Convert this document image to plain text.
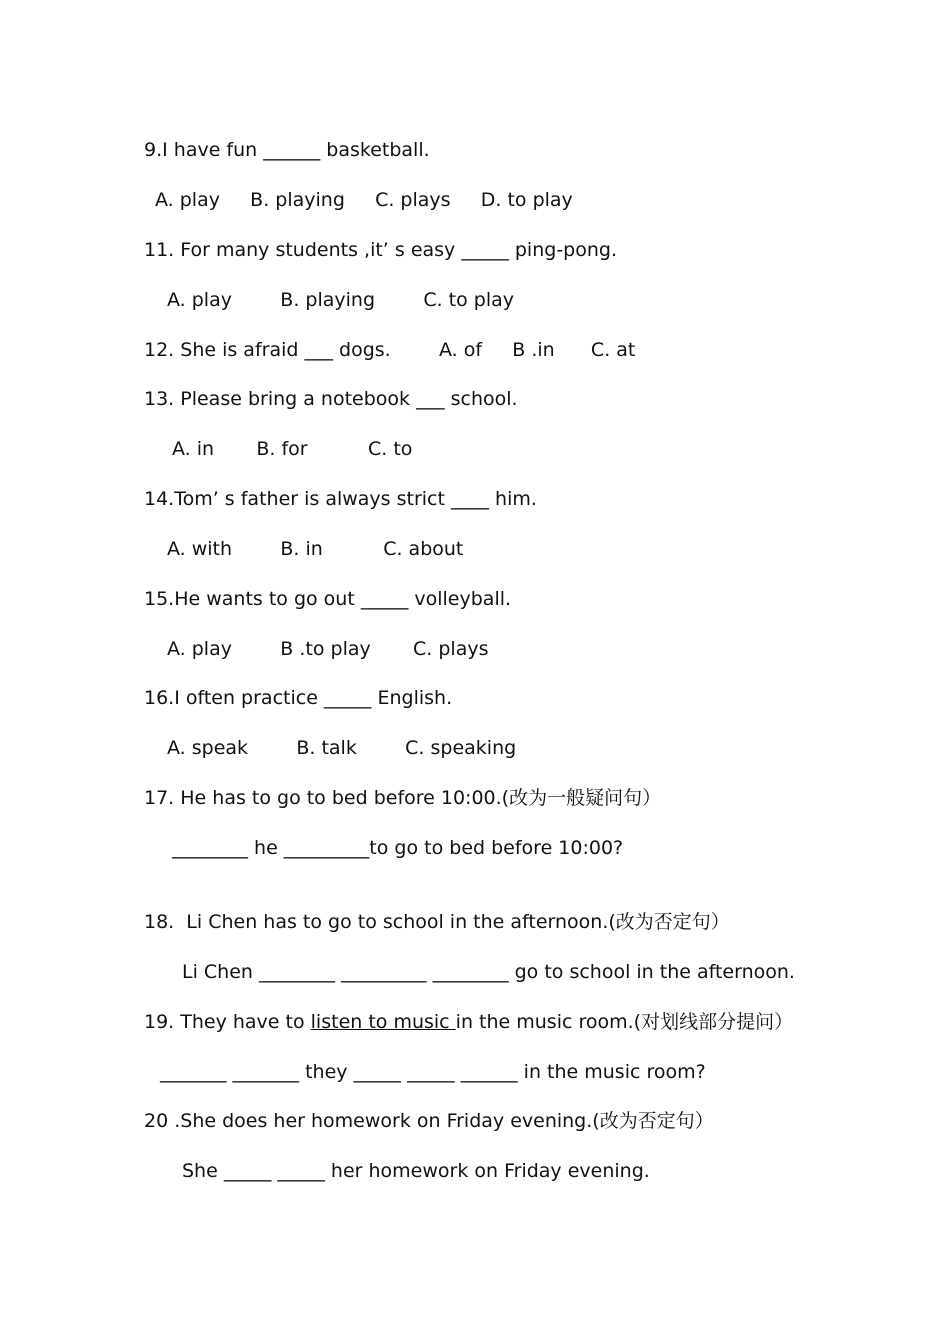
9.I have fun ______ basketball.
A. play     B. playing     C. plays     D. to play
11. For many students ,it’ s easy _____ ping-pong.
A. play        B. playing        C. to play
12. She is afraid ___ dogs.        A. of     B .in      C. at
13. Please bring a notebook ___ school.
A. in       B. for          C. to
14.Tom’ s father is always strict ____ him.
A. with        B. in          C. about
15.He wants to go out _____ volleyball.
A. play        B .to play       C. plays
16.I often practice _____ English.
A. speak        B. talk        C. speaking
17. He has to go to bed before 10:00.(改为一般疑问句）
________ he _________to go to bed before 10:00?
18.  Li Chen has to go to school in the afternoon.(改为否定句）
Li Chen ________ _________ ________ go to school in the afternoon.
19. They have to listen to music in the music room.(对划线部分提问）
_______ _______ they _____ _____ ______ in the music room?
20 .She does her homework on Friday evening.(改为否定句）
She _____ _____ her homework on Friday evening.
